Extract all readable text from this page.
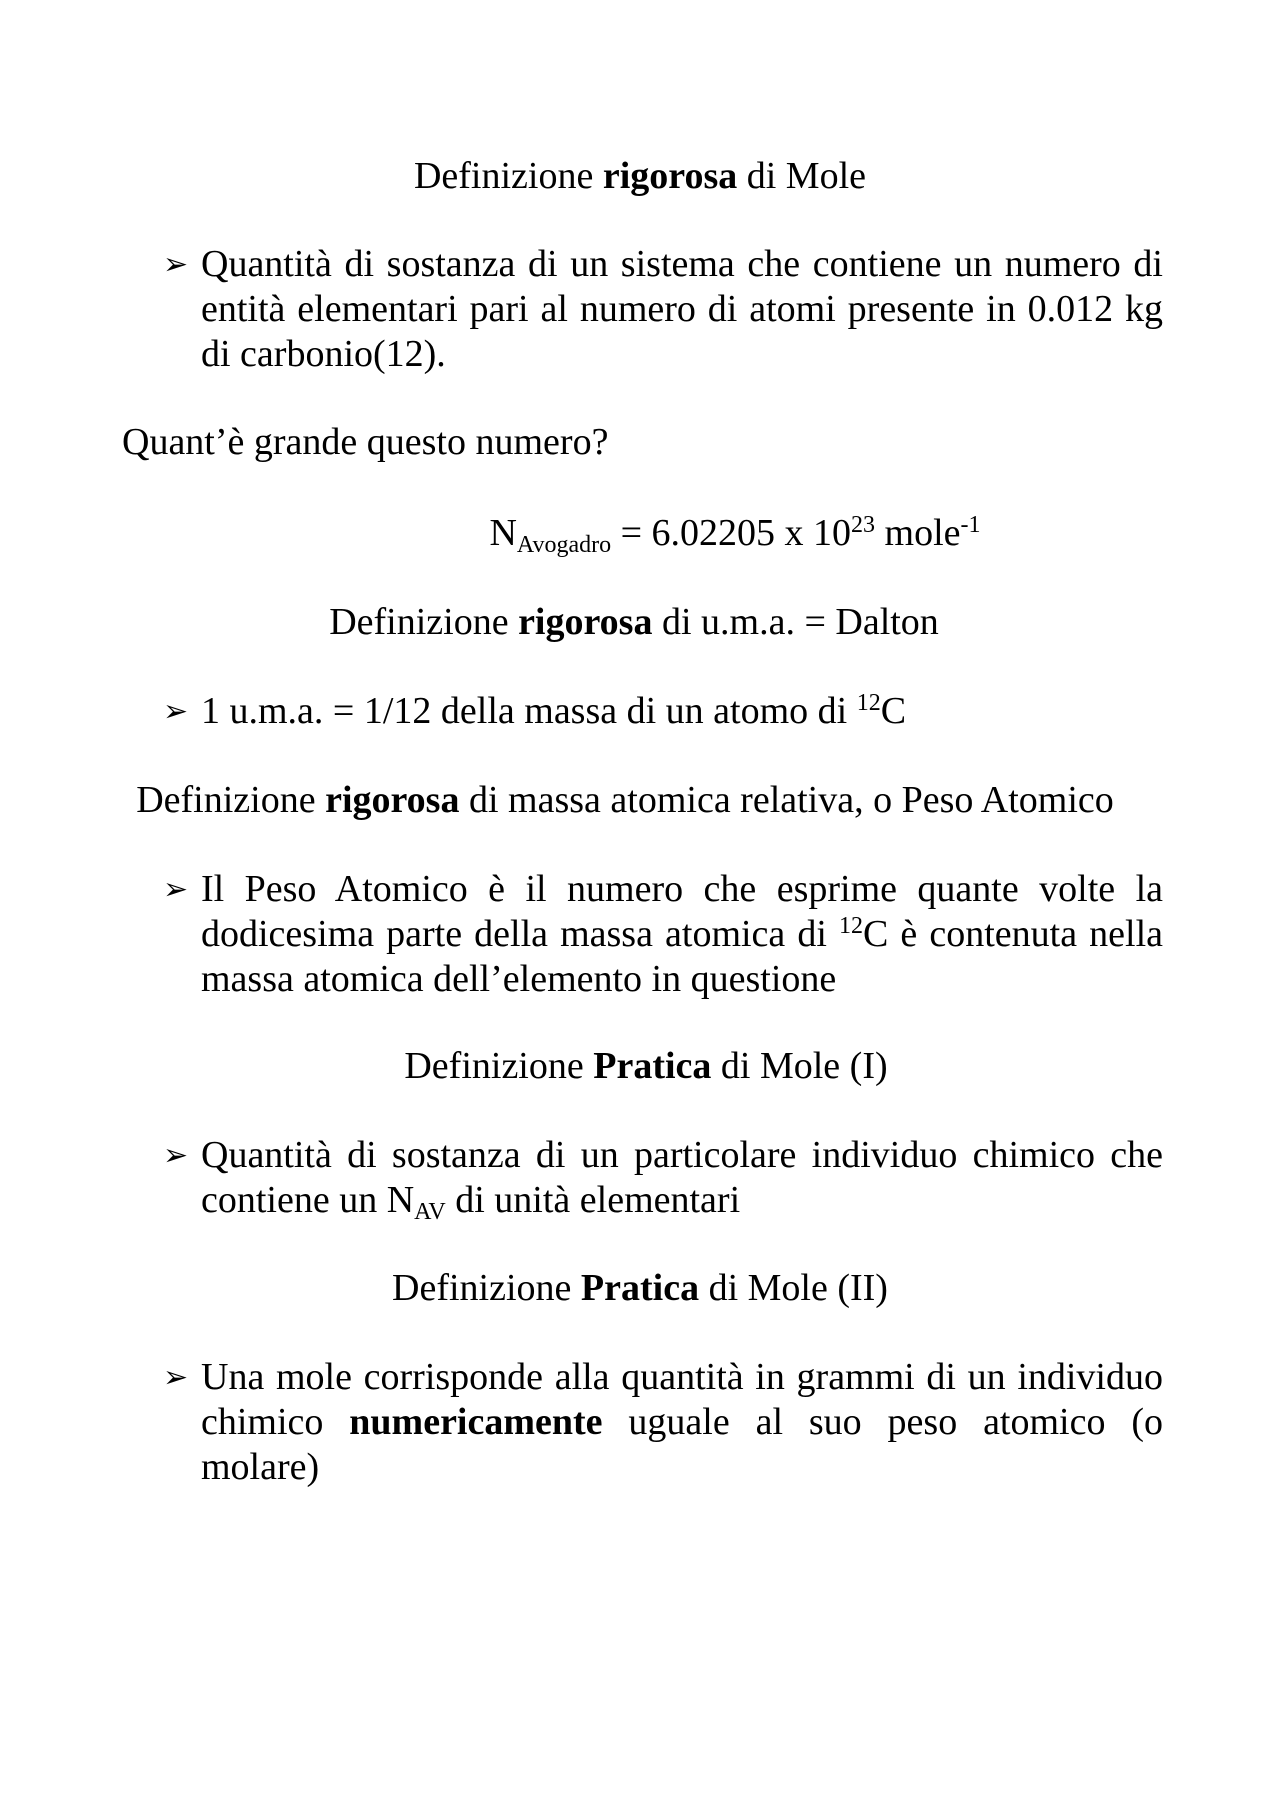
Definizione rigorosa di Mole
➢ Quantità di sostanza di un sistema che contiene un numero di entità elementari pari al numero di atomi presente in 0.012 kg di carbonio(12).
Quant’è grande questo numero?
$N_{Avogadro} = 6.02205$ x $10^{23}$ mole$^{-1}$
Definizione rigorosa di u.m.a. = Dalton
➢ 1 u.m.a. = 1/12 della massa di un atomo di $^{12}$C
Definizione rigorosa di massa atomica relativa, o Peso Atomico
➢ Il Peso Atomico è il numero che esprime quante volte la dodicesima parte della massa atomica di $^{12}$C è contenuta nella massa atomica dell’elemento in questione
Definizione Pratica di Mole (I)
➢ Quantità di sostanza di un particolare individuo chimico che contiene un $N_{AV}$ di unità elementari
Definizione Pratica di Mole (II)
➢ Una mole corrisponde alla quantità in grammi di un individuo chimico numericamente uguale al suo peso atomico (o molare)
